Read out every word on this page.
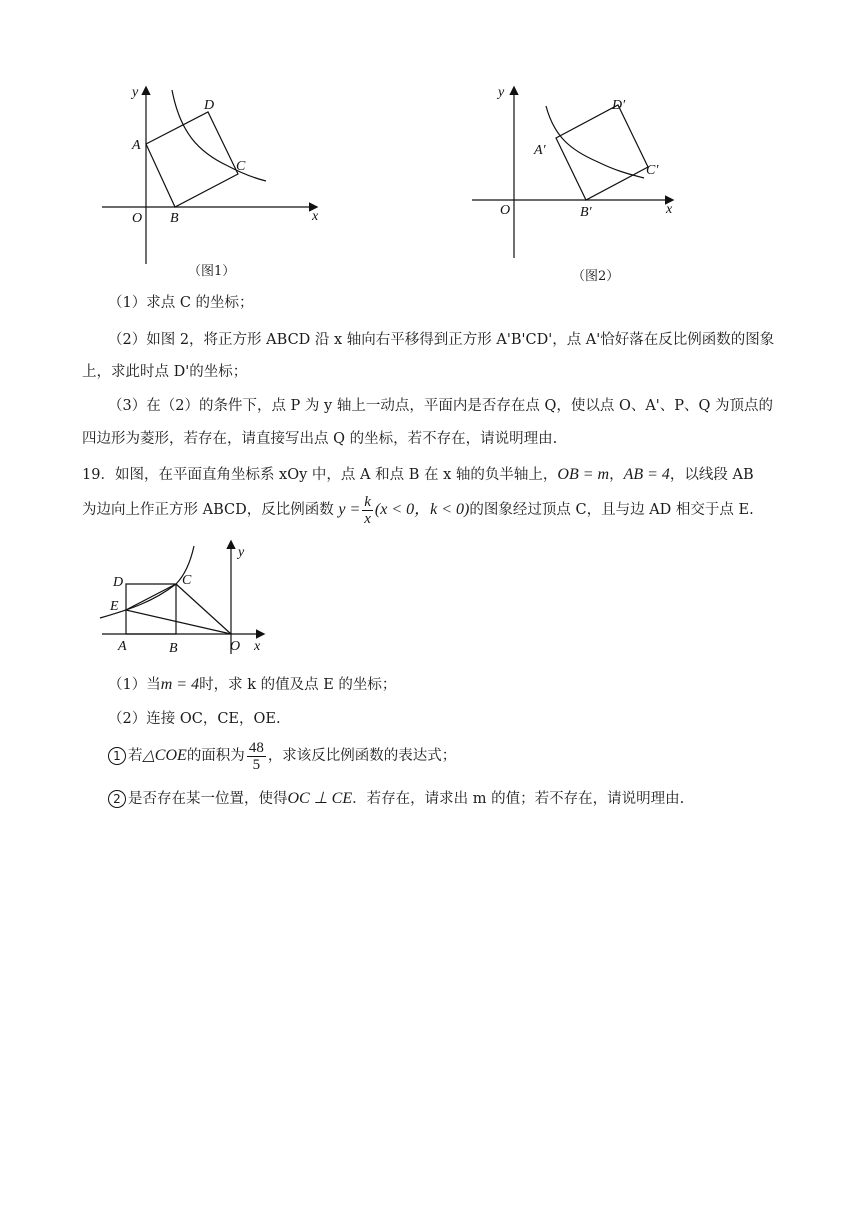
y
x
O
A
B
C
D
（图1）
y
x
O
A′
B′
C′
D′
（图2）
（1）求点 C 的坐标；
（2）如图 2，将正方形 ABCD 沿 x 轴向右平移得到正方形 A'B'CD'，点 A'恰好落在反比例函数的图象
上，求此时点 D'的坐标；
（3）在（2）的条件下，点 P 为 y 轴上一动点，平面内是否存在点 Q，使以点 O、A'、P、Q 为顶点的
四边形为菱形，若存在，请直接写出点 Q 的坐标，若不存在，请说明理由.
19．如图，在平面直角坐标系 xOy 中，点 A 和点 B 在 x 轴的负半轴上，OB = m，AB = 4，以线段 AB
为边向上作正方形 ABCD，反比例函数 $y = \frac{k}{x} (x < 0$，k < 0)的图象经过顶点 C，且与边 AD 相交于点 E.
y
x
O
A	B
C
D
E
（1）当m = 4时，求 k 的值及点 E 的坐标；
（2）连接 OC，CE，OE.
1 若△COE的面积为 $\frac{48}{5}$ ，求该反比例函数的表达式；
2 是否存在某一位置，使得OC ⊥ CE．若存在，请求出 m 的值；若不存在，请说明理由.
